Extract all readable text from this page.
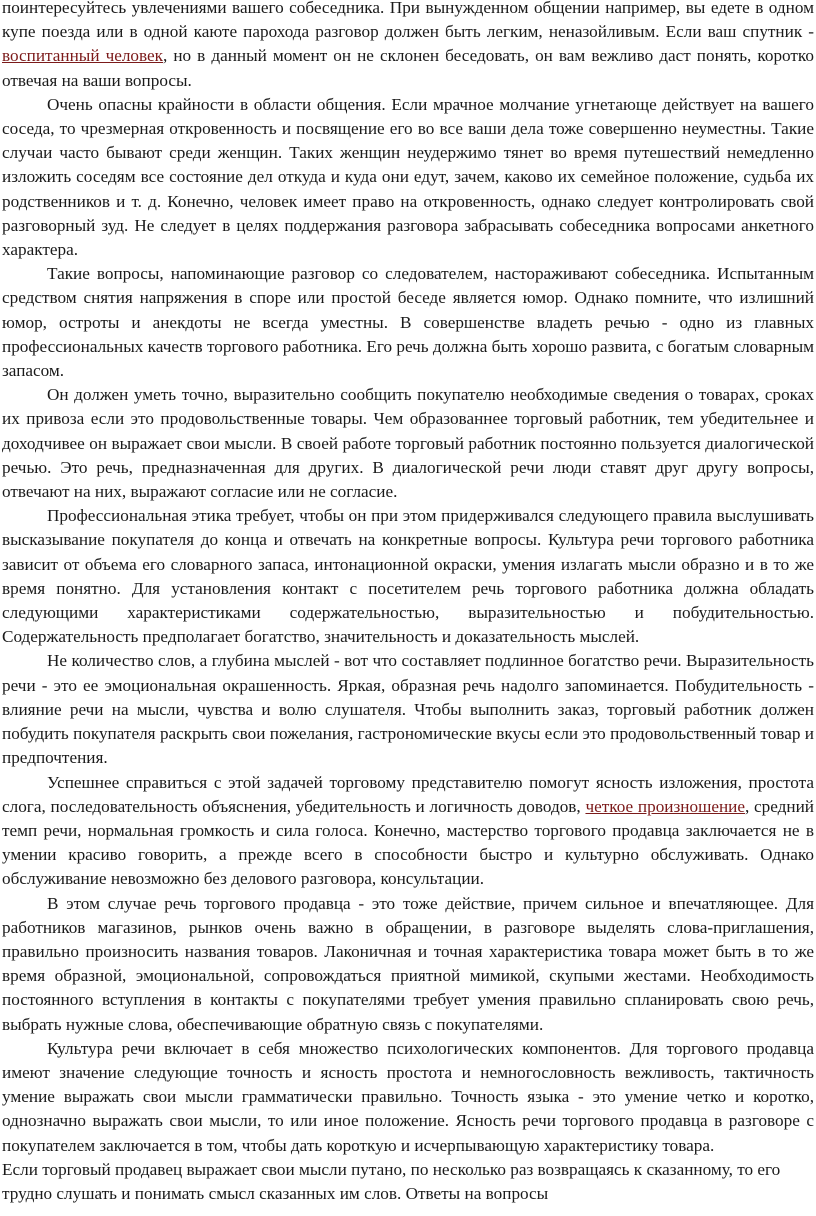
поинтересуйтесь увлечениями вашего собеседника. При вынужденном общении например, вы едете в одном купе поезда или в одной каюте парохода разговор должен быть легким, неназойливым. Если ваш спутник - воспитанный человек, но в данный момент он не склонен беседовать, он вам вежливо даст понять, коротко отвечая на ваши вопросы.

Очень опасны крайности в области общения. Если мрачное молчание угнетающе действует на вашего соседа, то чрезмерная откровенность и посвящение его во все ваши дела тоже совершенно неуместны. Такие случаи часто бывают среди женщин. Таких женщин неудержимо тянет во время путешествий немедленно изложить соседям все состояние дел откуда и куда они едут, зачем, каково их семейное положение, судьба их родственников и т. д. Конечно, человек имеет право на откровенность, однако следует контролировать свой разговорный зуд. Не следует в целях поддержания разговора забрасывать собеседника вопросами анкетного характера.

Такие вопросы, напоминающие разговор со следователем, настораживают собеседника. Испытанным средством снятия напряжения в споре или простой беседе является юмор. Однако помните, что излишний юмор, остроты и анекдоты не всегда уместны. В совершенстве владеть речью - одно из главных профессиональных качеств торгового работника. Его речь должна быть хорошо развита, с богатым словарным запасом.

Он должен уметь точно, выразительно сообщить покупателю необходимые сведения о товарах, сроках их привоза если это продовольственные товары. Чем образованнее торговый работник, тем убедительнее и доходчивее он выражает свои мысли. В своей работе торговый работник постоянно пользуется диалогической речью. Это речь, предназначенная для других. В диалогической речи люди ставят друг другу вопросы, отвечают на них, выражают согласие или не согласие.

Профессиональная этика требует, чтобы он при этом придерживался следующего правила выслушивать высказывание покупателя до конца и отвечать на конкретные вопросы. Культура речи торгового работника зависит от объема его словарного запаса, интонационной окраски, умения излагать мысли образно и в то же время понятно. Для установления контакт с посетителем речь торгового работника должна обладать следующими характеристиками содержательностью, выразительностью и побудительностью. Содержательность предполагает богатство, значительность и доказательность мыслей.

Не количество слов, а глубина мыслей - вот что составляет подлинное богатство речи. Выразительность речи - это ее эмоциональная окрашенность. Яркая, образная речь надолго запоминается. Побудительность - влияние речи на мысли, чувства и волю слушателя. Чтобы выполнить заказ, торговый работник должен побудить покупателя раскрыть свои пожелания, гастрономические вкусы если это продовольственный товар и предпочтения.

Успешнее справиться с этой задачей торговому представителю помогут ясность изложения, простота слога, последовательность объяснения, убедительность и логичность доводов, четкое произношение, средний темп речи, нормальная громкость и сила голоса. Конечно, мастерство торгового продавца заключается не в умении красиво говорить, а прежде всего в способности быстро и культурно обслуживать. Однако обслуживание невозможно без делового разговора, консультации.

В этом случае речь торгового продавца - это тоже действие, причем сильное и впечатляющее. Для работников магазинов, рынков очень важно в обращении, в разговоре выделять слова-приглашения, правильно произносить названия товаров. Лаконичная и точная характеристика товара может быть в то же время образной, эмоциональной, сопровождаться приятной мимикой, скупыми жестами. Необходимость постоянного вступления в контакты с покупателями требует умения правильно спланировать свою речь, выбрать нужные слова, обеспечивающие обратную связь с покупателями.

Культура речи включает в себя множество психологических компонентов. Для торгового продавца имеют значение следующие точность и ясность простота и немногословность вежливость, тактичность умение выражать свои мысли грамматически правильно. Точность языка - это умение четко и коротко, однозначно выражать свои мысли, то или иное положение. Ясность речи торгового продавца в разговоре с покупателем заключается в том, чтобы дать короткую и исчерпывающую характеристику товара.

Если торговый продавец выражает свои мысли путано, по несколько раз возвращаясь к сказанному, то его трудно слушать и понимать смысл сказанных им слов. Ответы на вопросы
